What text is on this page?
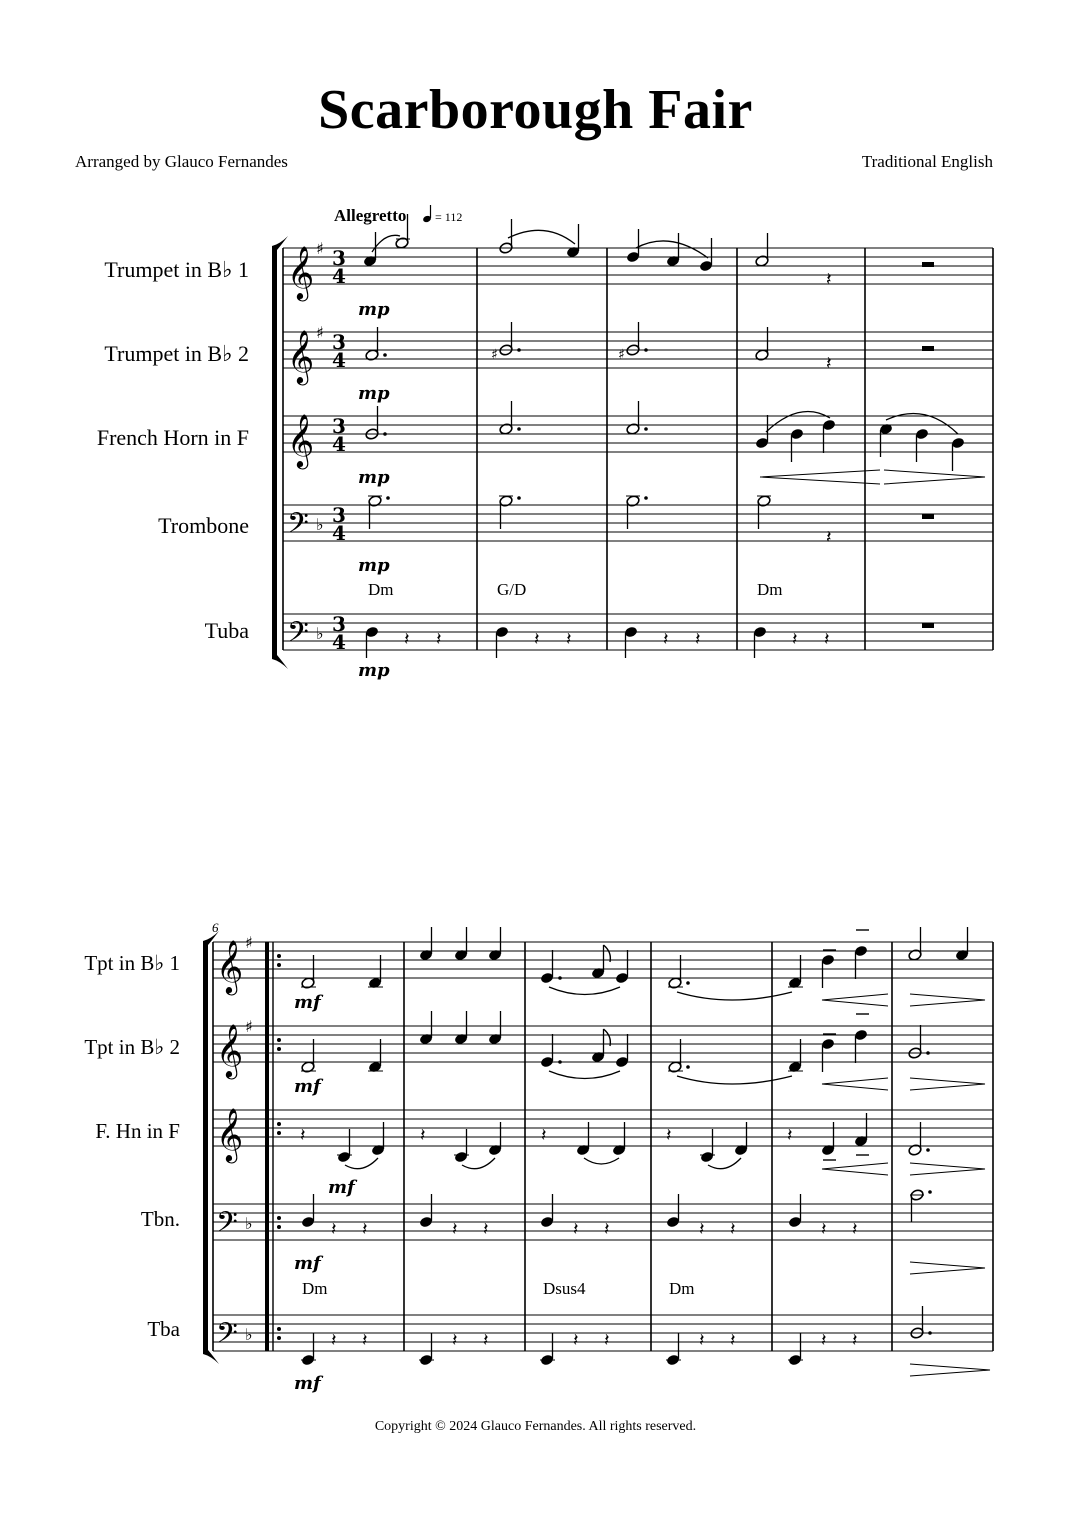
Scarborough Fair
Arranged by Glauco Fernandes	Traditional English
Allegretto = 112
Trumpet in B♭ 1
Trumpet in B♭ 2
French Horn in F
Trombone
Tuba
𝄞
𝄞
𝄞
𝄢
𝄢
♯
♯
♭
♭
3
4
3
4
3
4
3
4
3
4
𝄽
mp
♯	♯	𝄽
mp
mp
𝄽
mp
Dm	G/D	Dm
𝄽 𝄽	𝄽 𝄽	𝄽 𝄽	𝄽 𝄽
mp
6
Tpt in B♭ 1
Tpt in B♭ 2
F. Hn in F
Tbn.
Tba
𝄞
𝄞
𝄞
𝄢
𝄢
♯
♯
♭
♭
mf
mf
𝄽	𝄽	𝄽	𝄽	𝄽
mf
𝄽 𝄽	𝄽 𝄽	𝄽 𝄽	𝄽 𝄽	𝄽 𝄽
mf
Dm	Dsus4	Dm
𝄽 𝄽	𝄽 𝄽	𝄽 𝄽	𝄽 𝄽	𝄽 𝄽
mf
Copyright © 2024 Glauco Fernandes. All rights reserved.
